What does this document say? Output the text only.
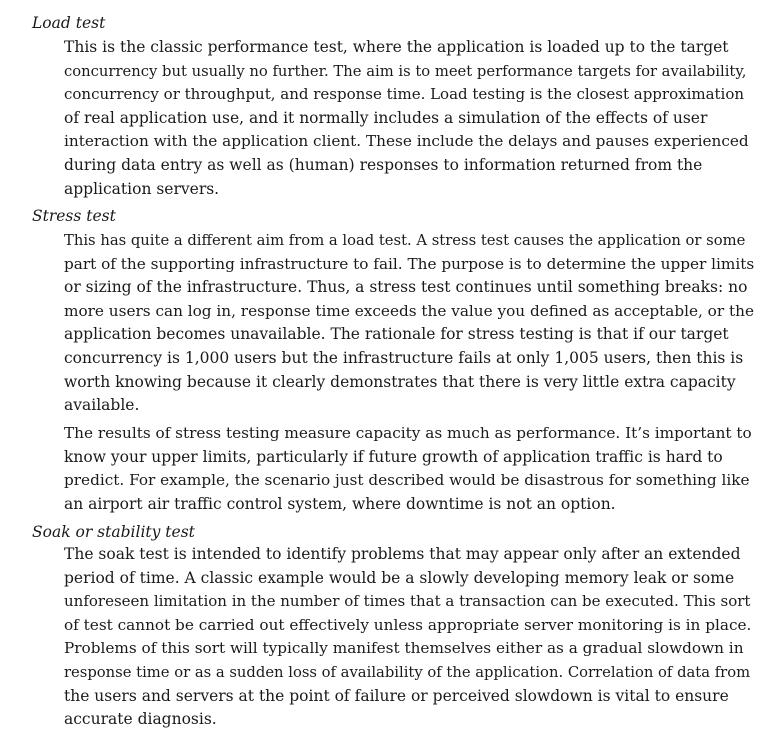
Load test
This is the classic performance test, where the application is loaded up to the target
concurrency but usually no further. The aim is to meet performance targets for availability,
concurrency or throughput, and response time. Load testing is the closest approximation
of real application use, and it normally includes a simulation of the effects of user
interaction with the application client. These include the delays and pauses experienced
during data entry as well as (human) responses to information returned from the
application servers.
Stress test
This has quite a different aim from a load test. A stress test causes the application or some
part of the supporting infrastructure to fail. The purpose is to determine the upper limits
or sizing of the infrastructure. Thus, a stress test continues until something breaks: no
more users can log in, response time exceeds the value you defined as acceptable, or the
application becomes unavailable. The rationale for stress testing is that if our target
concurrency is 1,000 users but the infrastructure fails at only 1,005 users, then this is
worth knowing because it clearly demonstrates that there is very little extra capacity
available.
The results of stress testing measure capacity as much as performance. It’s important to
know your upper limits, particularly if future growth of application traffic is hard to
predict. For example, the scenario just described would be disastrous for something like
an airport air traffic control system, where downtime is not an option.
Soak or stability test
The soak test is intended to identify problems that may appear only after an extended
period of time. A classic example would be a slowly developing memory leak or some
unforeseen limitation in the number of times that a transaction can be executed. This sort
of test cannot be carried out effectively unless appropriate server monitoring is in place.
Problems of this sort will typically manifest themselves either as a gradual slowdown in
response time or as a sudden loss of availability of the application. Correlation of data from
the users and servers at the point of failure or perceived slowdown is vital to ensure
accurate diagnosis.
